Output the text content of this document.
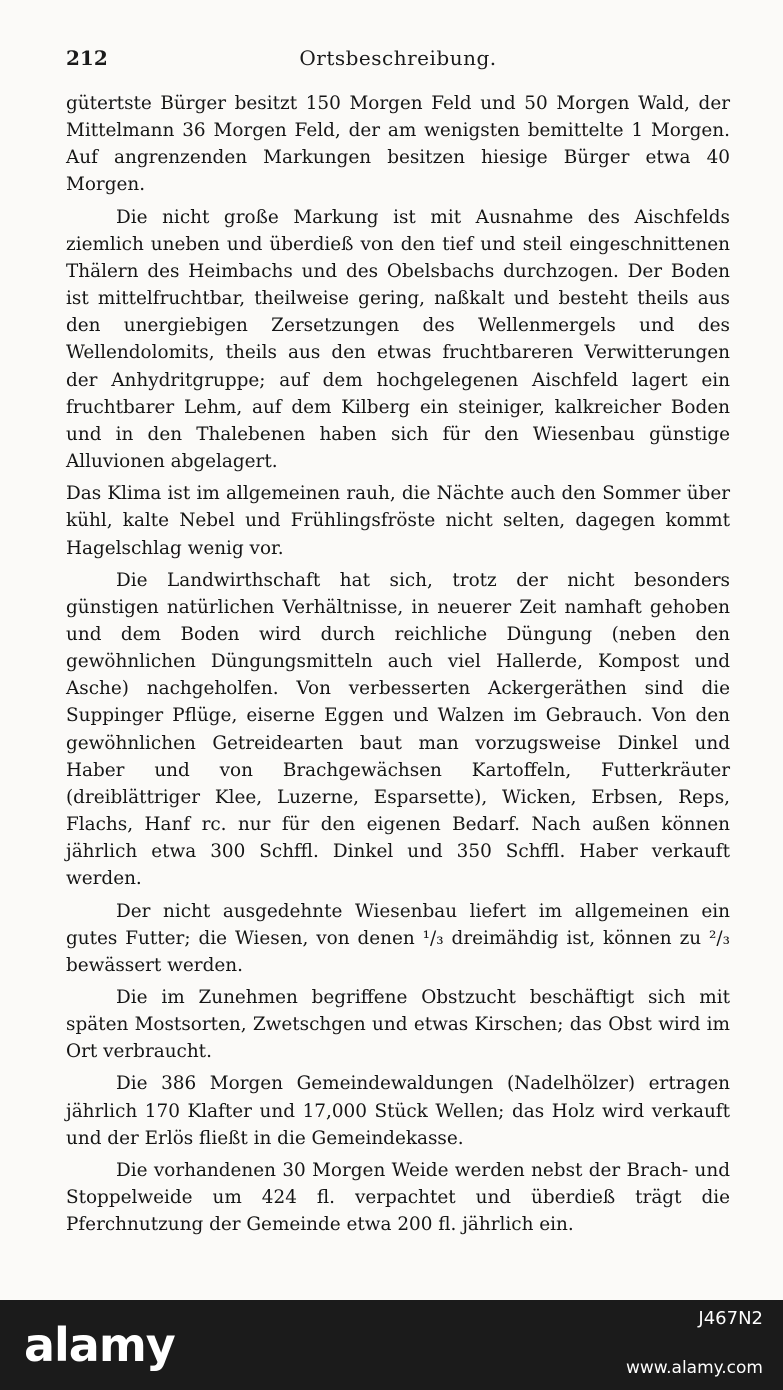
212	Ortsbeschreibung.

gütertste Bürger besitzt 150 Morgen Feld und 50 Morgen Wald, der Mittelmann 36 Morgen Feld, der am wenigsten bemittelte 1 Morgen. Auf angrenzenden Markungen besitzen hiesige Bürger etwa 40 Morgen.

Die nicht große Markung ist mit Ausnahme des Aischfelds ziemlich uneben und überdieß von den tief und steil eingeschnittenen Thälern des Heimbachs und des Obelsbachs durchzogen. Der Boden ist mittelfruchtbar, theilweise gering, naßkalt und besteht theils aus den unergiebigen Zersetzungen des Wellenmergels und des Wellendolomits, theils aus den etwas fruchtbareren Verwitterungen der Anhydritgruppe; auf dem hochgelegenen Aischfeld lagert ein fruchtbarer Lehm, auf dem Kilberg ein steiniger, kalkreicher Boden und in den Thalebenen haben sich für den Wiesenbau günstige Alluvionen abgelagert.

Das Klima ist im allgemeinen rauh, die Nächte auch den Sommer über kühl, kalte Nebel und Frühlingsfröste nicht selten, dagegen kommt Hagelschlag wenig vor.

Die Landwirthschaft hat sich, trotz der nicht besonders günstigen natürlichen Verhältnisse, in neuerer Zeit namhaft gehoben und dem Boden wird durch reichliche Düngung (neben den gewöhnlichen Düngungsmitteln auch viel Hallerde, Kompost und Asche) nachgeholfen. Von verbesserten Ackergeräthen sind die Suppinger Pflüge, eiserne Eggen und Walzen im Gebrauch. Von den gewöhnlichen Getreidearten baut man vorzugsweise Dinkel und Haber und von Brachgewächsen Kartoffeln, Futterkräuter (dreiblättriger Klee, Luzerne, Esparsette), Wicken, Erbsen, Reps, Flachs, Hanf rc. nur für den eigenen Bedarf. Nach außen können jährlich etwa 300 Schffl. Dinkel und 350 Schffl. Haber verkauft werden.

Der nicht ausgedehnte Wiesenbau liefert im allgemeinen ein gutes Futter; die Wiesen, von denen ¹/₃ dreimähdig ist, können zu ²/₃ bewässert werden.

Die im Zunehmen begriffene Obstzucht beschäftigt sich mit späten Mostsorten, Zwetschgen und etwas Kirschen; das Obst wird im Ort verbraucht.

Die 386 Morgen Gemeindewaldungen (Nadelhölzer) ertragen jährlich 170 Klafter und 17,000 Stück Wellen; das Holz wird verkauft und der Erlös fließt in die Gemeindekasse.

Die vorhandenen 30 Morgen Weide werden nebst der Brach- und Stoppelweide um 424 fl. verpachtet und überdieß trägt die Pferchnutzung der Gemeinde etwa 200 fl. jährlich ein.

alamy	J467N2
www.alamy.com
